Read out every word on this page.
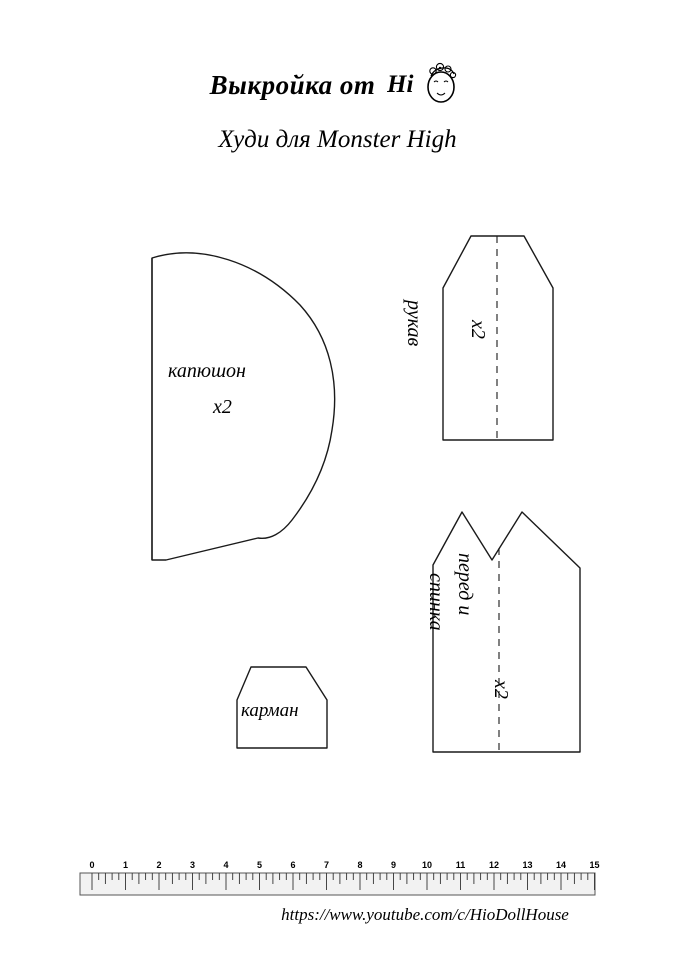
Выкройка от Hi
Худи для Monster High
капюшон
x2
рукав x2
перед и
спинка
x2
карман
0	1	2	3	4	5	6	7	8	9	10	11	12	13	14	15
https://www.youtube.com/c/HioDollHouse
